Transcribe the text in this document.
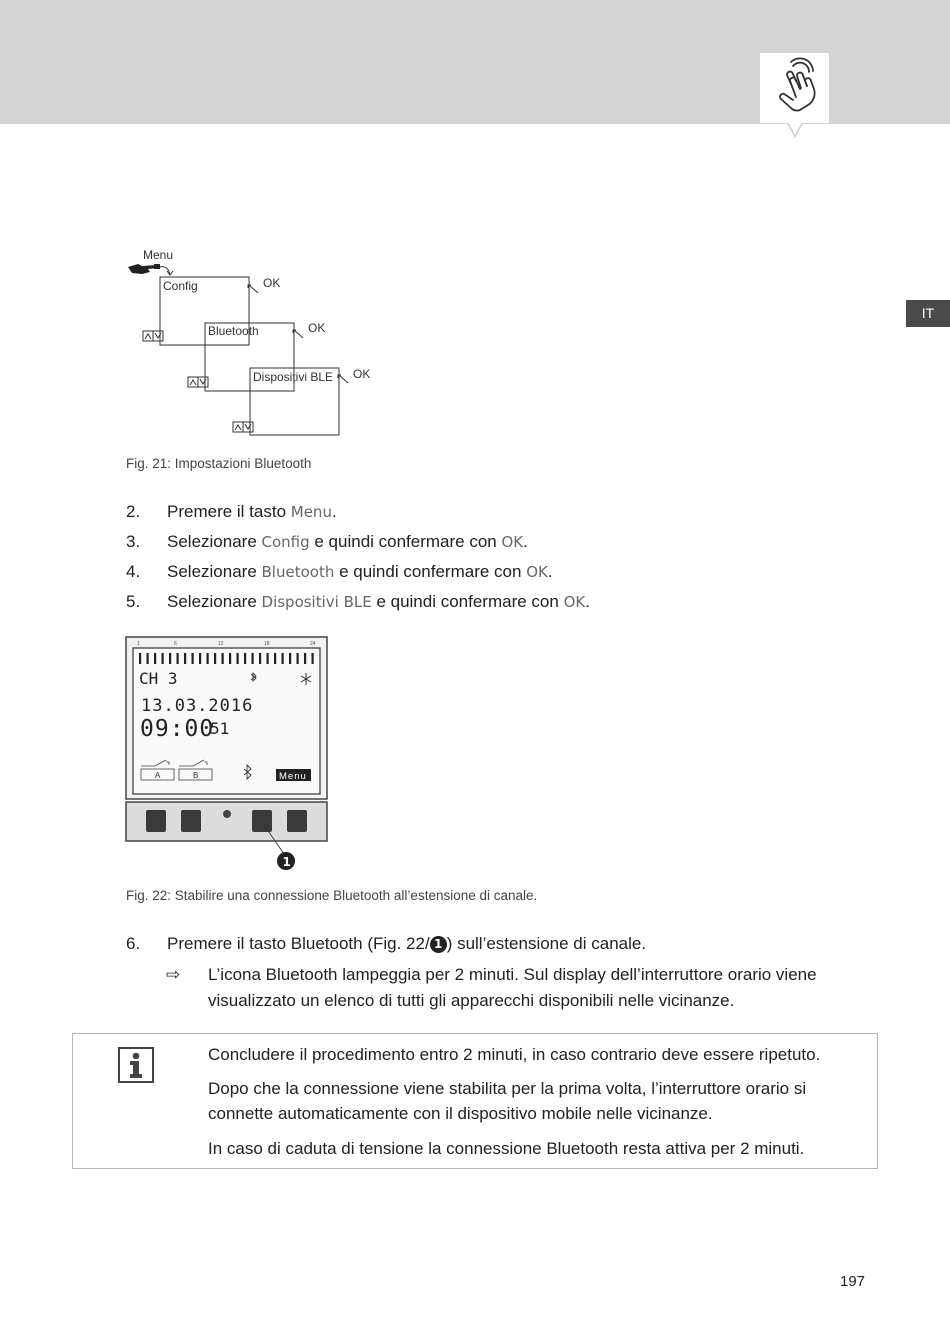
IT
Menu
Config	OK
Bluetooth	OK
Dispositivi BLE OK
Fig. 21: Impostazioni Bluetooth
2. Premere il tasto Menu.
3. Selezionare Config e quindi confermare con OK.
4. Selezionare Bluetooth e quindi confermare con OK.
5. Selezionare Dispositivi BLE e quindi confermare con OK.
1	6	12	18	24
CH 3
13.03.2016
09:00
51
A	B	Menu
1
Fig. 22: Stabilire una connessione Bluetooth all’estensione di canale.
6. Premere il tasto Bluetooth (Fig. 22/ 1 ) sull’estensione di canale.
⇨	L’icona Bluetooth lampeggia per 2 minuti. Sul display dell’interruttore orario viene visualizzato un elenco di tutti gli apparecchi disponibili nelle vicinanze.

Concludere il procedimento entro 2 minuti, in caso contrario deve essere ripetuto.

Dopo che la connessione viene stabilita per la prima volta, l’interruttore orario si connette automaticamente con il dispositivo mobile nelle vicinanze.

In caso di caduta di tensione la connessione Bluetooth resta attiva per 2 minuti.

197
